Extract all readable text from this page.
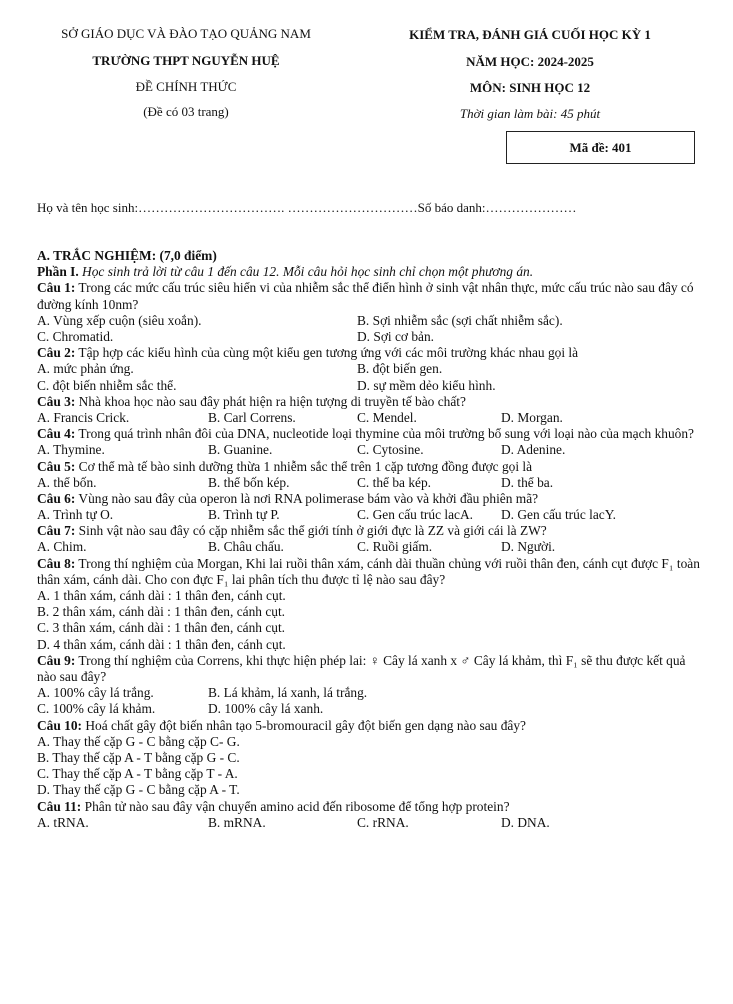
SỞ GIÁO DỤC VÀ ĐÀO TẠO QUẢNG NAM
TRƯỜNG THPT NGUYỄN HUỆ
ĐỀ CHÍNH THỨC
(Đề có 03 trang)
KIỂM TRA, ĐÁNH GIÁ CUỐI HỌC KỲ 1
NĂM HỌC: 2024-2025
MÔN: SINH HỌC 12
Thời gian làm bài: 45 phút
Mã đề: 401
Họ và tên học sinh:……………………………. …………………………Số báo danh:…………………
A. TRẮC NGHIỆM: (7,0 điểm)
Phần I. Học sinh trả lời từ câu 1 đến câu 12. Mỗi câu hỏi học sinh chỉ chọn một phương án.
Câu 1: Trong các mức cấu trúc siêu hiển vi của nhiễm sắc thể điển hình ở sinh vật nhân thực, mức cấu trúc nào sau đây có đường kính 10nm?
A. Vùng xếp cuộn (siêu xoắn).	B. Sợi nhiễm sắc (sợi chất nhiễm sắc).
C. Chromatid.	D. Sợi cơ bản.
Câu 2: Tập hợp các kiểu hình của cùng một kiểu gen tương ứng với các môi trường khác nhau gọi là
A. mức phản ứng.	B. đột biến gen.
C. đột biến nhiễm sắc thể.	D. sự mềm dẻo kiểu hình.
Câu 3: Nhà khoa học nào sau đây phát hiện ra hiện tượng di truyền tế bào chất?
A. Francis Crick.	B. Carl Correns.	C. Mendel.	D. Morgan.
Câu 4: Trong quá trình nhân đôi của DNA, nucleotide loại thymine của môi trường bổ sung với loại nào của mạch khuôn?
A. Thymine.	B. Guanine.	C. Cytosine.	D. Adenine.
Câu 5: Cơ thể mà tế bào sinh dưỡng thừa 1 nhiễm sắc thể trên 1 cặp tương đồng được gọi là
A. thể bốn.	B. thể bốn kép.	C. thể ba kép.	D. thể ba.
Câu 6: Vùng nào sau đây của operon là nơi RNA polimerase bám vào và khởi đầu phiên mã?
A. Trình tự O.	B. Trình tự P.	C. Gen cấu trúc lacA. D. Gen cấu trúc lacY.
Câu 7: Sinh vật nào sau đây có cặp nhiễm sắc thể giới tính ở giới đực là ZZ và giới cái là ZW?
A. Chim.	B. Châu chấu.	C. Ruồi giấm.	D. Người.
Câu 8: Trong thí nghiệm của Morgan, Khi lai ruồi thân xám, cánh dài thuần chủng với ruồi thân đen, cánh cụt được F₁ toàn thân xám, cánh dài. Cho con đực F₁ lai phân tích thu được tỉ lệ nào sau đây?
A. 1 thân xám, cánh dài : 1 thân đen, cánh cụt.
B. 2 thân xám, cánh dài : 1 thân đen, cánh cụt.
C. 3 thân xám, cánh dài : 1 thân đen, cánh cụt.
D. 4 thân xám, cánh dài : 1 thân đen, cánh cụt.
Câu 9: Trong thí nghiệm của Correns, khi thực hiện phép lai: ♀ Cây lá xanh x ♂ Cây lá khảm, thì F₁ sẽ thu được kết quả nào sau đây?
A. 100% cây lá trắng.	B. Lá khảm, lá xanh, lá trắng.
C. 100% cây lá khảm.	D. 100% cây lá xanh.
Câu 10: Hoá chất gây đột biến nhân tạo 5-bromouracil gây đột biến gen dạng nào sau đây?
A. Thay thế cặp G - C bằng cặp C- G.
B. Thay thế cặp A - T bằng cặp G - C.
C. Thay thế cặp A - T bằng cặp T - A.
D. Thay thế cặp G - C bằng cặp A - T.
Câu 11: Phân tử nào sau đây vận chuyển amino acid đến ribosome để tổng hợp protein?
A. tRNA.	B. mRNA.	C. rRNA.	D. DNA.
